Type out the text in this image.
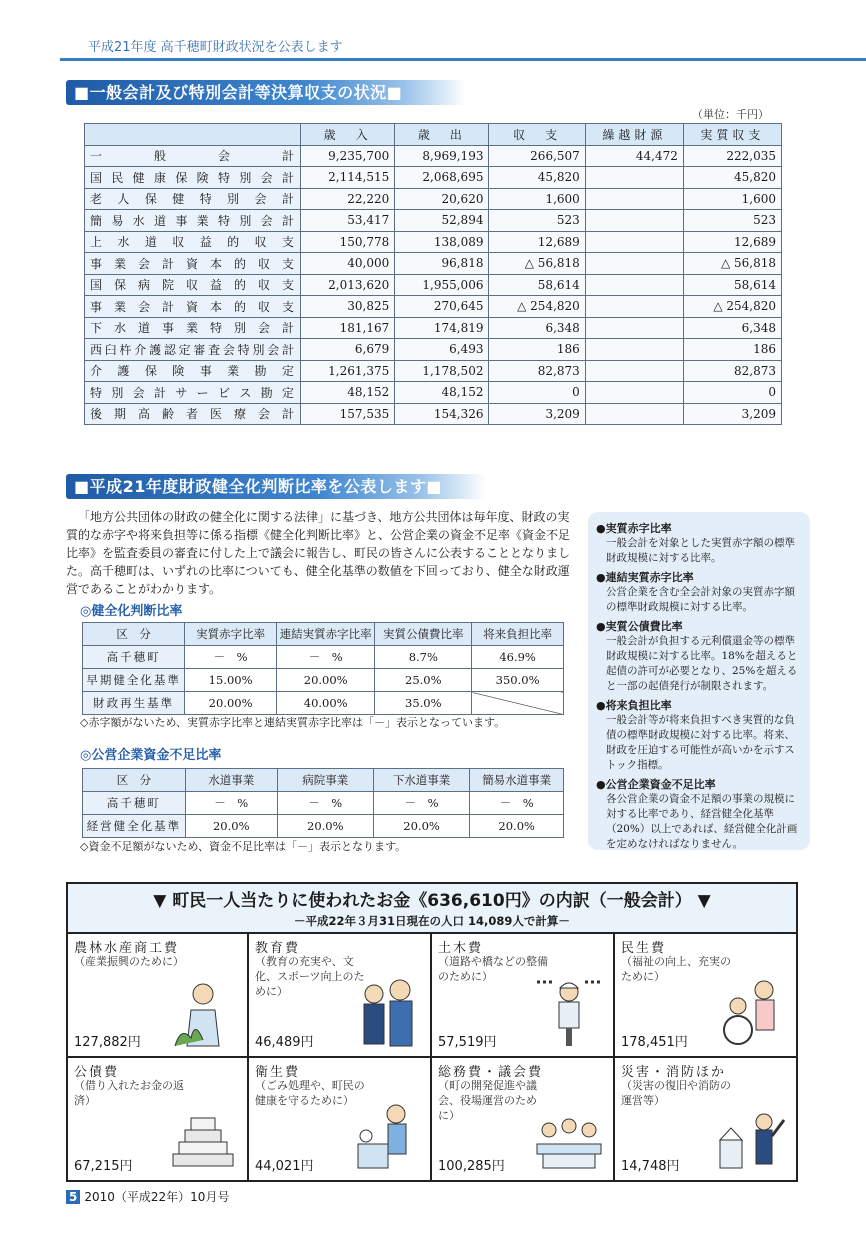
平成21年度 高千穂町財政状況を公表します
■一般会計及び特別会計等決算収支の状況■
（単位：千円）
	歳　入	歳　出	収　支	繰越財源	実質収支
一般会計	9,235,700	8,969,193	266,507	44,472	222,035
国民健康保険特別会計	2,114,515	2,068,695	45,820		45,820
老人保健特別会計	22,220	20,620	1,600		1,600
簡易水道事業特別会計	53,417	52,894	523		523
上水道収益的収支	150,778	138,089	12,689		12,689
事業会計資本的収支	40,000	96,818	△ 56,818		△ 56,818
国保病院収益的収支	2,013,620	1,955,006	58,614		58,614
事業会計資本的収支	30,825	270,645	△ 254,820		△ 254,820
下水道事業特別会計	181,167	174,819	6,348		6,348
西臼杵介護認定審査会特別会計	6,679	6,493	186		186
介護保険事業勘定	1,261,375	1,178,502	82,873		82,873
特別会計サービス勘定	48,152	48,152	0		0
後期高齢者医療会計	157,535	154,326	3,209		3,209
■平成21年度財政健全化判断比率を公表します■
「地方公共団体の財政の健全化に関する法律」に基づき、地方公共団体は毎年度、財政の実質的な赤字や将来負担等に係る指標《健全化判断比率》と、公営企業の資金不足率《資金不足比率》を監査委員の審査に付した上で議会に報告し、町民の皆さんに公表することとなりました。高千穂町は、いずれの比率についても、健全化基準の数値を下回っており、健全な財政運営であることがわかります。
◎健全化判断比率
区　分	実質赤字比率	連結実質赤字比率	実質公債費比率	将来負担比率
高千穂町	－　%	－　%	8.7%	46.9%
早期健全化基準	15.00%	20.00%	25.0%	350.0%
財政再生基準	20.00%	40.00%	35.0%	
◇赤字額がないため、実質赤字比率と連結実質赤字比率は「－」表示となっています。
◎公営企業資金不足比率
区　分	水道事業	病院事業	下水道事業	簡易水道事業
高千穂町	－　%	－　%	－　%	－　%
経営健全化基準	20.0%	20.0%	20.0%	20.0%
◇資金不足額がないため、資金不足比率は「－」表示となります。
●実質赤字比率
一般会計を対象とした実質赤字額の標準財政規模に対する比率。
●連結実質赤字比率
公営企業を含む全会計対象の実質赤字額の標準財政規模に対する比率。
●実質公債費比率
一般会計が負担する元利償還金等の標準財政規模に対する比率。18%を超えると起債の許可が必要となり、25%を超えると一部の起債発行が制限されます。
●将来負担比率
一般会計等が将来負担すべき実質的な負債の標準財政規模に対する比率。将来、財政を圧迫する可能性が高いかを示すストック指標。
●公営企業資金不足比率
各公営企業の資金不足額の事業の規模に対する比率であり、経営健全化基準（20%）以上であれば、経営健全化計画を定めなければなりません。
▼ 町民一人当たりに使われたお金《636,610円》の内訳（一般会計） ▼
－平成22年３月31日現在の人口 14,089人で計算－
農林水産商工費
（産業振興のために）
127,882円
教育費
（教育の充実や、文化、スポーツ向上のために）
46,489円
土木費
（道路や橋などの整備のために）
57,519円
民生費
（福祉の向上、充実のために）
178,451円
公債費
（借り入れたお金の返済）
67,215円
衛生費
（ごみ処理や、町民の健康を守るために）
44,021円
総務費・議会費
（町の開発促進や議会、役場運営のために）
100,285円
災害・消防ほか
（災害の復旧や消防の運営等）
14,748円
5 2010（平成22年）10月号
